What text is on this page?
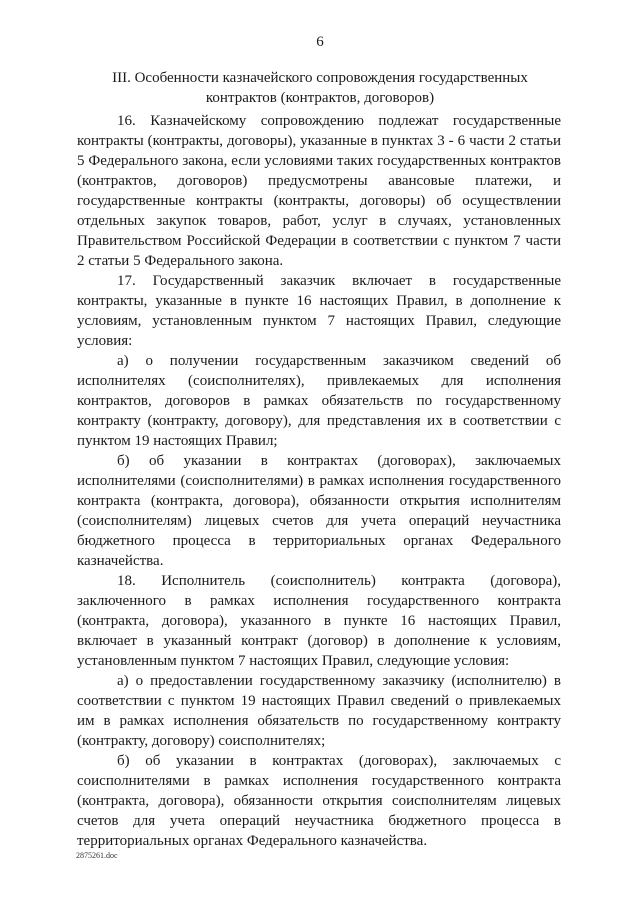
6
III. Особенности казначейского сопровождения государственных контрактов (контрактов, договоров)

16. Казначейскому сопровождению подлежат государственные контракты (контракты, договоры), указанные в пунктах 3 - 6 части 2 статьи 5 Федерального закона, если условиями таких государственных контрактов (контрактов, договоров) предусмотрены авансовые платежи, и государственные контракты (контракты, договоры) об осуществлении отдельных закупок товаров, работ, услуг в случаях, установленных Правительством Российской Федерации в соответствии с пунктом 7 части 2 статьи 5 Федерального закона.

17. Государственный заказчик включает в государственные контракты, указанные в пункте 16 настоящих Правил, в дополнение к условиям, установленным пунктом 7 настоящих Правил, следующие условия:

а) о получении государственным заказчиком сведений об исполнителях (соисполнителях), привлекаемых для исполнения контрактов, договоров в рамках обязательств по государственному контракту (контракту, договору), для представления их в соответствии с пунктом 19 настоящих Правил;

б) об указании в контрактах (договорах), заключаемых исполнителями (соисполнителями) в рамках исполнения государственного контракта (контракта, договора), обязанности открытия исполнителям (соисполнителям) лицевых счетов для учета операций неучастника бюджетного процесса в территориальных органах Федерального казначейства.

18. Исполнитель (соисполнитель) контракта (договора), заключенного в рамках исполнения государственного контракта (контракта, договора), указанного в пункте 16 настоящих Правил, включает в указанный контракт (договор) в дополнение к условиям, установленным пунктом 7 настоящих Правил, следующие условия:

а) о предоставлении государственному заказчику (исполнителю) в соответствии с пунктом 19 настоящих Правил сведений о привлекаемых им в рамках исполнения обязательств по государственному контракту (контракту, договору) соисполнителях;

б) об указании в контрактах (договорах), заключаемых с соисполнителями в рамках исполнения государственного контракта (контракта, договора), обязанности открытия соисполнителям лицевых счетов для учета операций неучастника бюджетного процесса в территориальных органах Федерального казначейства.

2875261.doc
